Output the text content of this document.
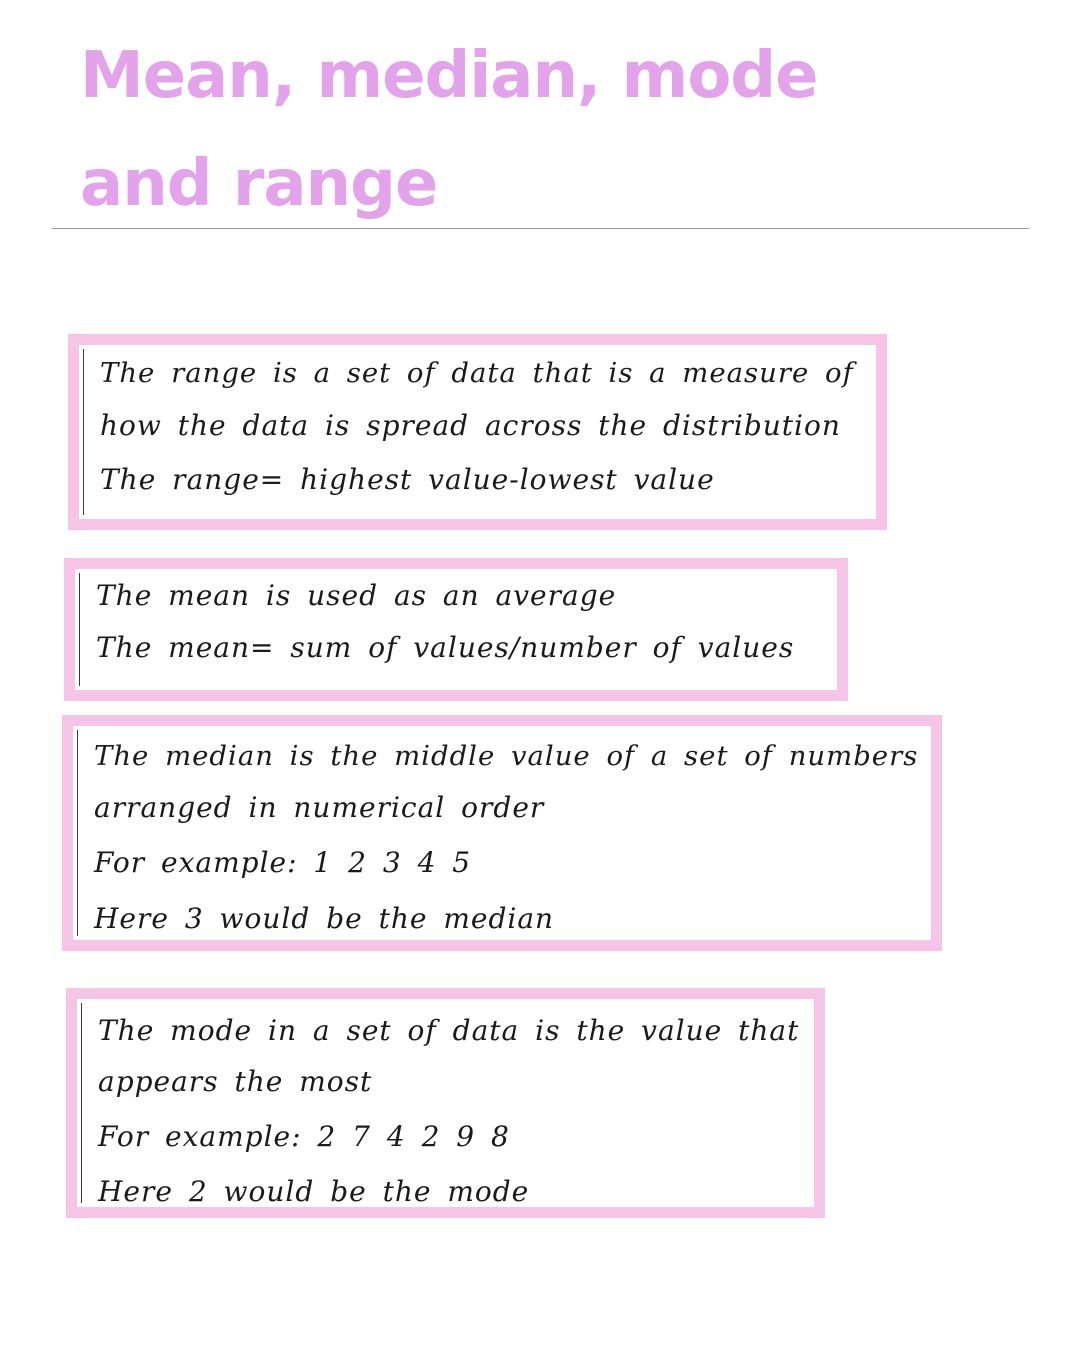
Mean, median, mode and range
The range is a set of data that is a measure of
how the data is spread across the distribution
The range= highest value-lowest value
The mean is used as an average
The mean= sum of values/number of values
The median is the middle value of a set of numbers
arranged in numerical order
For example: 1 2 3 4 5
Here 3 would be the median
The mode in a set of data is the value that
appears the most
For example: 2 7 4 2 9 8
Here 2 would be the mode
